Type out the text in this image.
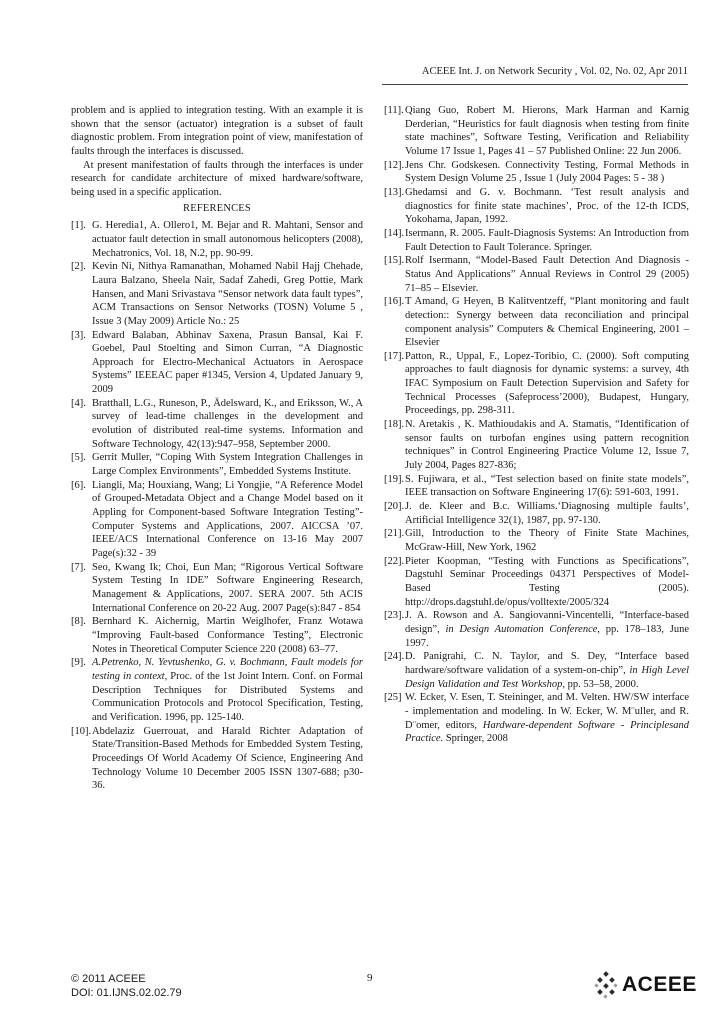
ACEEE Int. J. on Network Security , Vol. 02, No. 02, Apr 2011

problem and is applied to integration testing. With an example it is shown that the sensor (actuator) integration is a subset of fault diagnostic problem. From integration point of view, manifestation of faults through the interfaces is discussed.

At present manifestation of faults through the interfaces is under research for candidate architecture of mixed hardware/software, being used in a specific application.

REFERENCES
[1]. G. Heredia1, A. Ollero1, M. Bejar and R. Mahtani, Sensor and actuator fault detection in small autonomous helicopters (2008), Mechatronics, Vol. 18, N.2, pp. 90-99.
[2]. Kevin Ni, Nithya Ramanathan, Mohamed Nabil Hajj Chehade, Laura Balzano, Sheela Nair, Sadaf Zahedi, Greg Pottie, Mark Hansen, and Mani Srivastava “Sensor network data fault types”, ACM Transactions on Sensor Networks (TOSN) Volume 5 , Issue 3 (May 2009) Article No.: 25
[3]. Edward Balaban, Abhinav Saxena, Prasun Bansal, Kai F. Goebel, Paul Stoelting and Simon Curran, “A Diagnostic Approach for Electro-Mechanical Actuators in Aerospace Systems” IEEEAC paper #1345, Version 4, Updated January 9, 2009
[4]. Bratthall, L.G., Runeson, P., Ädelsward, K., and Eriksson, W., A survey of lead-time challenges in the development and evolution of distributed real-time systems. Information and Software Technology, 42(13):947–958, September 2000.
[5]. Gerrit Muller, “Coping With System Integration Challenges in Large Complex Environments”, Embedded Systems Institute.
[6]. Liangli, Ma; Houxiang, Wang; Li Yongjie, “A Reference Model of Grouped-Metadata Object and a Change Model based on it Appling for Component-based Software Integration Testing”- Computer Systems and Applications, 2007. AICCSA ’07. IEEE/ACS International Conference on 13-16 May 2007 Page(s):32 - 39
[7]. Seo, Kwang Ik; Choi, Eun Man; “Rigorous Vertical Software System Testing In IDE” Software Engineering Research, Management & Applications, 2007. SERA 2007. 5th ACIS International Conference on 20-22 Aug. 2007 Page(s):847 - 854
[8]. Bernhard K. Aichernig, Martin Weiglhofer, Franz Wotawa “Improving Fault-based Conformance Testing”, Electronic Notes in Theoretical Computer Science 220 (2008) 63–77.
[9]. A.Petrenko, N. Yevtushenko, G. v. Bochmann, Fault models for testing in context, Proc. of the 1st Joint Intern. Conf. on Formal Description Techniques for Distributed Systems and Communication Protocols and Protocol Specification, Testing, and Verification. 1996, pp. 125-140.
[10]. Abdelaziz Guerrouat, and Harald Richter Adaptation of State/Transition-Based Methods for Embedded System Testing, Proceedings Of World Academy Of Science, Engineering And Technology Volume 10 December 2005 ISSN 1307-688; p30-36.
[11]. Qiang Guo, Robert M. Hierons, Mark Harman and Karnig Derderian, “Heuristics for fault diagnosis when testing from finite state machines”, Software Testing, Verification and Reliability Volume 17 Issue 1, Pages 41 – 57 Published Online: 22 Jun 2006.
[12]. Jens Chr. Godskesen. Connectivity Testing, Formal Methods in System Design Volume 25 , Issue 1 (July 2004 Pages: 5 - 38 )
[13]. Ghedamsi and G. v. Bochmann. ‘Test result analysis and diagnostics for finite state machines’, Proc. of the 12-th ICDS, Yokohama, Japan, 1992.
[14]. Isermann, R. 2005. Fault-Diagnosis Systems: An Introduction from Fault Detection to Fault Tolerance. Springer.
[15]. Rolf Isermann, “Model-Based Fault Detection And Diagnosis - Status And Applications” Annual Reviews in Control 29 (2005) 71–85 – Elsevier.
[16]. T Amand, G Heyen, B Kalitventzeff, “Plant monitoring and fault detection:: Synergy between data reconciliation and principal component analysis” Computers & Chemical Engineering, 2001 – Elsevier
[17]. Patton, R., Uppal, F., Lopez-Toribio, C. (2000). Soft computing approaches to fault diagnosis for dynamic systems: a survey, 4th IFAC Symposium on Fault Detection Supervision and Safety for Technical Processes (Safeprocess’2000), Budapest, Hungary, Proceedings, pp. 298-311.
[18]. N. Aretakis , K. Mathioudakis and A. Stamatis, “Identification of sensor faults on turbofan engines using pattern recognition techniques” in Control Engineering Practice Volume 12, Issue 7, July 2004, Pages 827-836;
[19]. S. Fujiwara, et al., “Test selection based on finite state models”, IEEE transaction on Software Engineering 17(6): 591-603, 1991.
[20]. J. de. Kleer and B.c. Williams.‘Diagnosing multiple faults’, Artificial Intelligence 32(1), 1987, pp. 97-130.
[21]. Gill, Introduction to the Theory of Finite State Machines, McGraw-Hill, New York, 1962
[22]. Pieter Koopman, “Testing with Functions as Specifications”, Dagstuhl Seminar Proceedings 04371 Perspectives of Model-Based Testing (2005). http://drops.dagstuhl.de/opus/volltexte/2005/324
[23]. J. A. Rowson and A. Sangiovanni-Vincentelli, “Interface-based design”, in Design Automation Conference, pp. 178–183, June 1997.
[24]. D. Panigrahi, C. N. Taylor, and S. Dey, “Interface based hardware/software validation of a system-on-chip”, in High Level Design Validation and Test Workshop, pp. 53–58, 2000.
[25] W. Ecker, V. Esen, T. Steininger, and M. Velten. HW/SW interface - implementation and modeling. In W. Ecker, W. M¨uller, and R. D¨omer, editors, Hardware-dependent Software - Principlesand Practice. Springer, 2008
© 2011 ACEEE
DOI: 01.IJNS.02.02.79
9	ACEEE
